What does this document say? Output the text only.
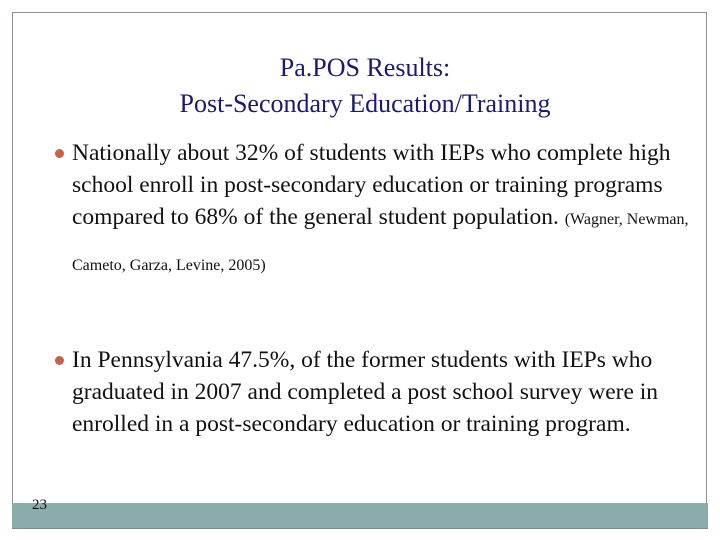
Pa.POS Results:
Post-Secondary Education/Training
Nationally about 32% of students with IEPs who complete high school enroll in post-secondary education or training programs compared to 68% of the general student population. (Wagner, Newman,
Cameto, Garza, Levine, 2005)
In Pennsylvania 47.5%, of the former students with IEPs who graduated in 2007 and completed a post school survey were in enrolled in a post-secondary education or training program.
23
